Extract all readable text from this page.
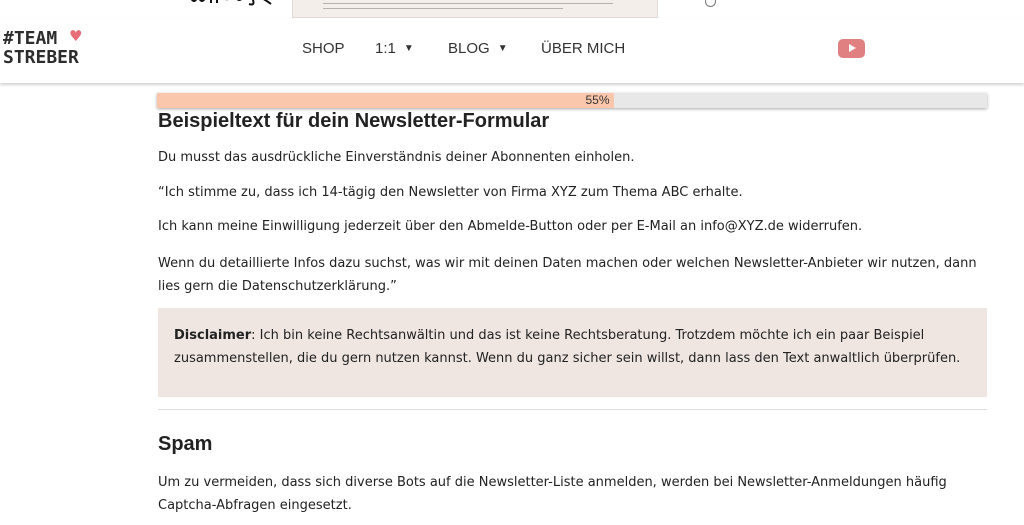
#TEAM
STREBER
♥
SHOP 1:1 ▼ BLOG ▼ ÜBER MICH
55%
Beispieltext für dein Newsletter-Formular

Du musst das ausdrückliche Einverständnis deiner Abonnenten einholen.

“Ich stimme zu, dass ich 14-tägig den Newsletter von Firma XYZ zum Thema ABC erhalte.

Ich kann meine Einwilligung jederzeit über den Abmelde-Button oder per E-Mail an info@XYZ.de widerrufen.

Wenn du detaillierte Infos dazu suchst, was wir mit deinen Daten machen oder welchen Newsletter-Anbieter wir nutzen, dann lies gern die Datenschutzerklärung.”

Disclaimer: Ich bin keine Rechtsanwältin und das ist keine Rechtsberatung. Trotzdem möchte ich ein paar Beispiel zusammenstellen, die du gern nutzen kannst. Wenn du ganz sicher sein willst, dann lass den Text anwaltlich überprüfen.

Spam

Um zu vermeiden, dass sich diverse Bots auf die Newsletter-Liste anmelden, werden bei Newsletter-Anmeldungen häufig Captcha-Abfragen eingesetzt.
